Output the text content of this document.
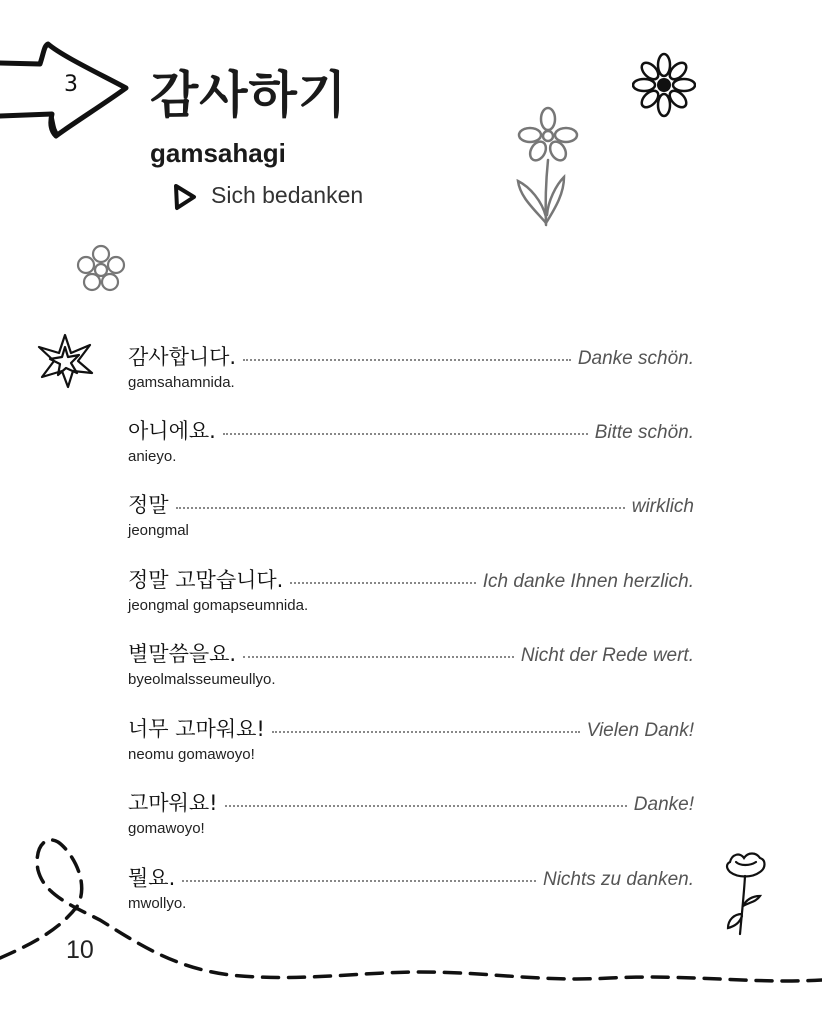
3 감사하기
gamsahagi
Sich bedanken
감사합니다.	Danke schön.
gamsahamnida.
아니에요.	Bitte schön.
anieyo.
정말	wirklich
jeongmal
정말 고맙습니다.	Ich danke Ihnen herzlich.
jeongmal gomapseumnida.
별말씀을요.	Nicht der Rede wert.
byeolmalsseumeullyo.
너무 고마워요!	Vielen Dank!
neomu gomawoyo!
고마워요!	Danke!
gomawoyo!
뭘요.	Nichts zu danken.
mwollyo.
10
